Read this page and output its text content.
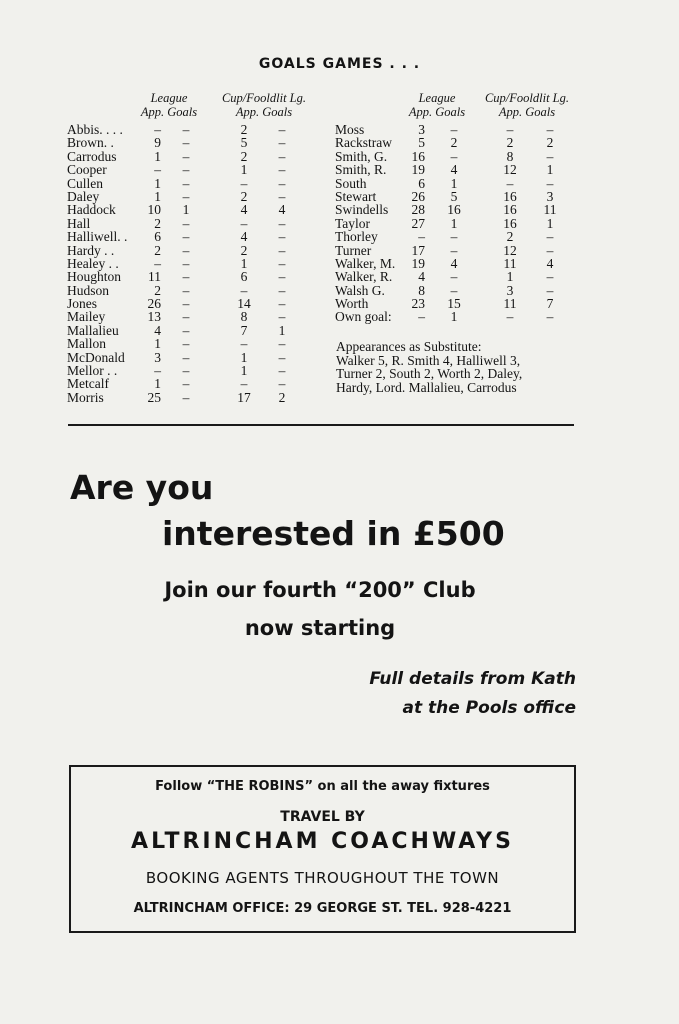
GOALS GAMES . . .
League
App. Goals
Cup/Fooldlit Lg.
App. Goals
League
App. Goals
Cup/Fooldlit Lg.
App. Goals
Abbis. . . .	–	–	2	–
Brown. .	9	–	5	–
Carrodus	1	–	2	–
Cooper	–	–	1	–
Cullen	1	–	–	–
Daley	1	–	2	–
Haddock	10	1	4	4
Hall	2	–	–	–
Halliwell. .	6	–	4	–
Hardy . .	2	–	2	–
Healey . .	–	–	1	–
Houghton	11	–	6	–
Hudson	2	–	–	–
Jones	26	–	14	–
Mailey	13	–	8	–
Mallalieu	4	–	7	1
Mallon	1	–	–	–
McDonald	3	–	1	–
Mellor . .	–	–	1	–
Metcalf	1	–	–	–
Morris	25	–	17	2
Moss	3	–	–	–
Rackstraw	5	2	2	2
Smith, G.	16	–	8	–
Smith, R.	19	4	12	1
South	6	1	–	–
Stewart	26	5	16	3
Swindells	28	16	16	11
Taylor	27	1	16	1
Thorley	–	–	2	–
Turner	17	–	12	–
Walker, M.	19	4	11	4
Walker, R.	4	–	1	–
Walsh G.	8	–	3	–
Worth	23	15	11	7
Own goal:	–	1	–	–
Appearances as Substitute:
Walker 5, R. Smith 4, Halliwell 3,
Turner 2, South 2, Worth 2, Daley,
Hardy, Lord. Mallalieu, Carrodus
Are you
interested in £500
Join our fourth “200” Club
now starting
Full details from Kath
at the Pools office
Follow “THE ROBINS” on all the away fixtures
TRAVEL BY
ALTRINCHAM COACHWAYS
BOOKING AGENTS THROUGHOUT THE TOWN
ALTRINCHAM OFFICE: 29 GEORGE ST. TEL. 928-4221
